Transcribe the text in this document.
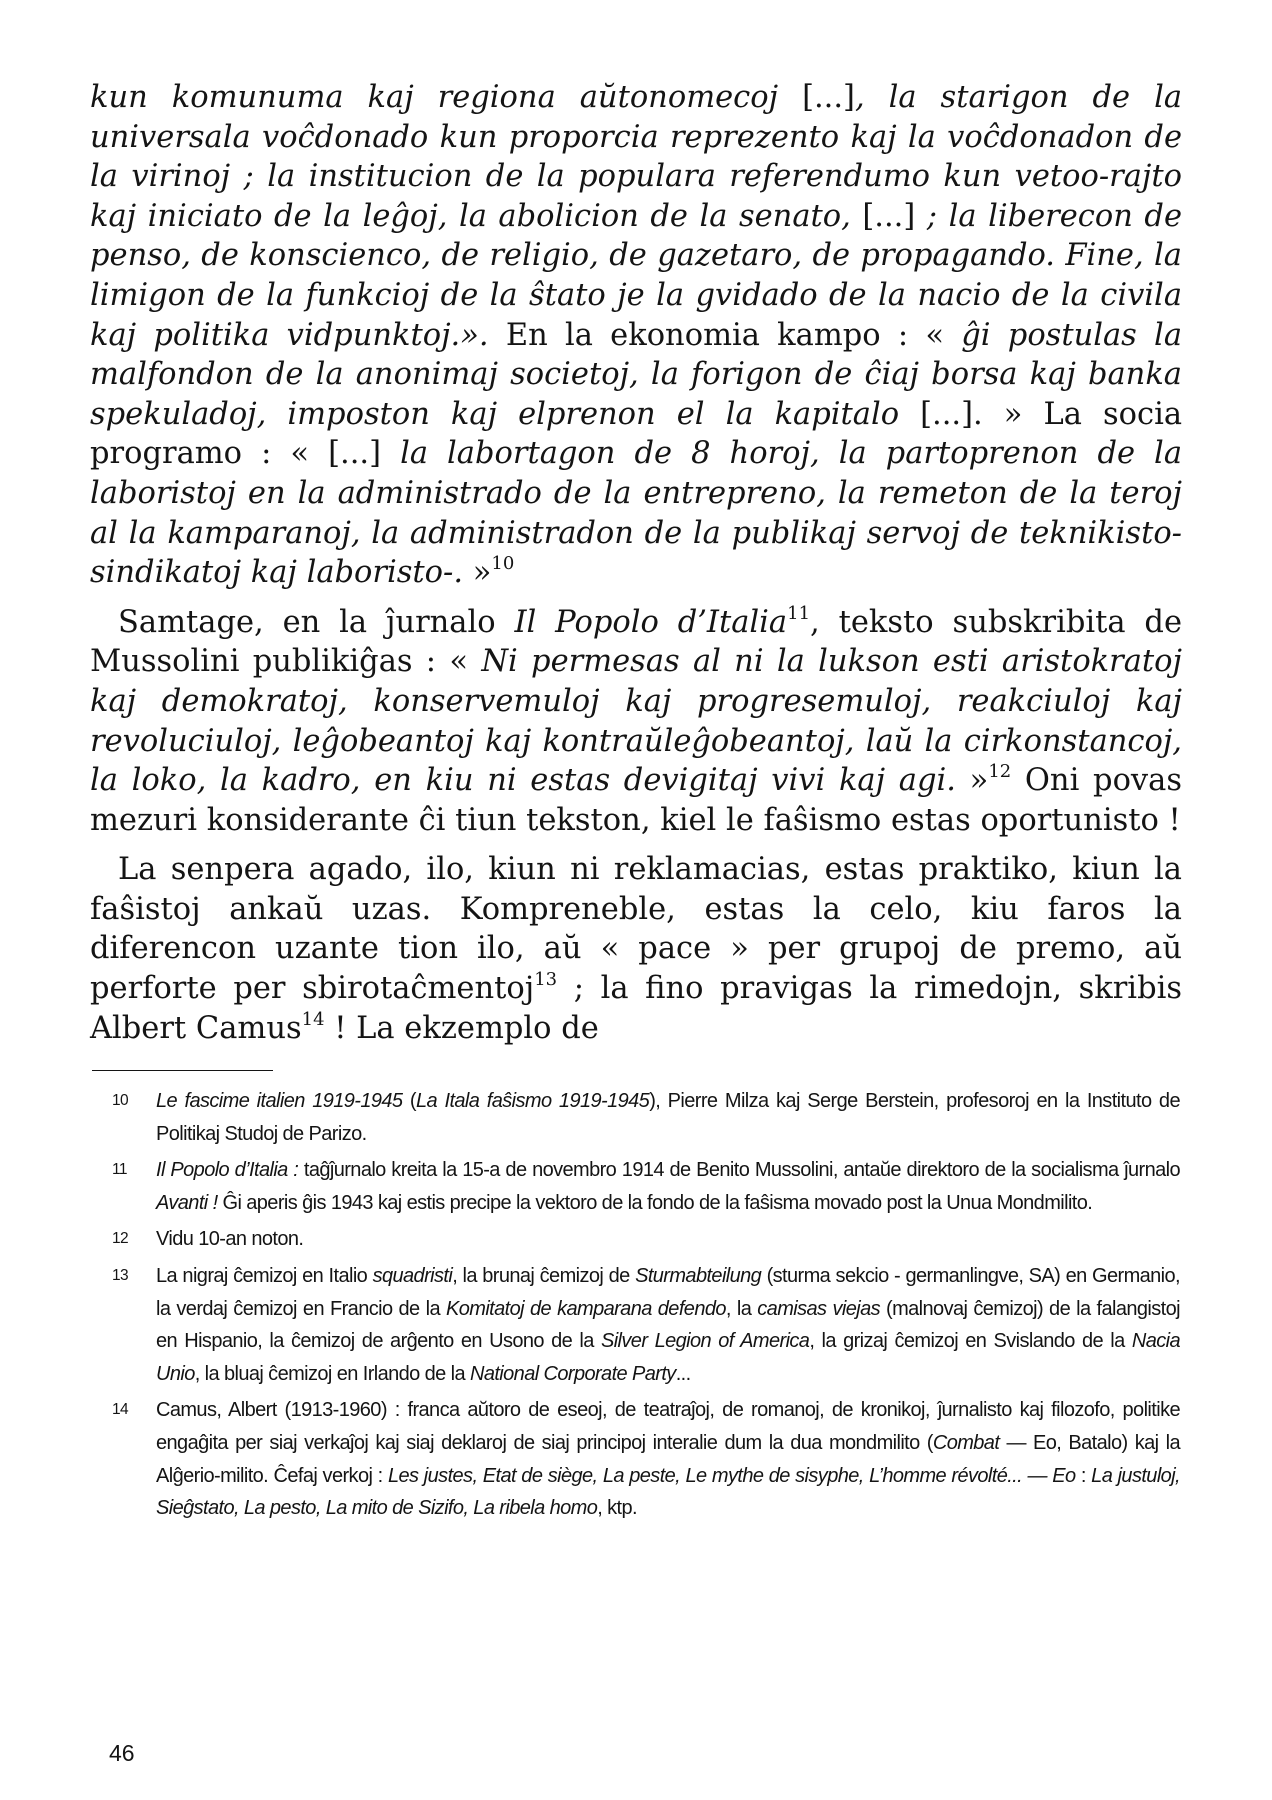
kun komunuma kaj regiona aŭtonomecoj [...], la starigon de la universala voĉdonado kun proporcia reprezento kaj la voĉdonadon de la virinoj ; la institucion de la populara referendumo kun vetoo-rajto kaj iniciato de la leĝoj, la abolicion de la senato, [...] ; la liberecon de penso, de konscienco, de religio, de gazetaro, de propagando. Fine, la limigon de la funkcioj de la ŝtato je la gvidado de la nacio de la civila kaj politika vidpunktoj.». En la ekonomia kampo : « ĝi postulas la malfondon de la anonimaj societoj, la forigon de ĉiaj borsa kaj banka spekuladoj, imposton kaj elprenon el la kapitalo [...]. » La socia programo : « [...] la labortagon de 8 horoj, la partoprenon de la laboristoj en la administrado de la entrepreno, la remeton de la teroj al la kamparanoj, la administradon de la publikaj servoj de teknikisto-sindikatoj kaj laboristo-. »$^{10}$

Samtage, en la ĵurnalo Il Popolo d’Italia$^{11}$, teksto subskribita de Mussolini publikiĝas : « Ni permesas al ni la lukson esti aristokratoj kaj demokratoj, konservemuloj kaj progresemuloj, reakciuloj kaj revoluciuloj, leĝobeantoj kaj kontraŭleĝobeantoj, laŭ la cirkonstancoj, la loko, la kadro, en kiu ni estas devigitaj vivi kaj agi. »$^{12}$ Oni povas mezuri konsiderante ĉi tiun tekston, kiel le faŝismo estas oportunisto !

La senpera agado, ilo, kiun ni reklamacias, estas praktiko, kiun la faŝistoj ankaŭ uzas. Kompreneble, estas la celo, kiu faros la diferencon uzante tion ilo, aŭ « pace » per grupoj de premo, aŭ perforte per sbirotaĉmentoj$^{13}$ ; la fino pravigas la rimedojn, skribis Albert Camus$^{14}$ ! La ekzemplo de

10	Le fascime italien 1919-1945 (La Itala faŝismo 1919-1945), Pierre Milza kaj Serge Berstein, profesoroj en la Instituto de Politikaj Studoj de Parizo.
11	Il Popolo d’Italia : taĝĵurnalo kreita la 15-a de novembro 1914 de Benito Mussolini, antaŭe direktoro de la socialisma ĵurnalo Avanti ! Ĝi aperis ĝis 1943 kaj estis precipe la vektoro de la fondo de la faŝisma movado post la Unua Mondmilito.
12	Vidu 10-an noton.
13	La nigraj ĉemizoj en Italio squadristi, la brunaj ĉemizoj de Sturmabteilung (sturma sekcio - germanlingve, SA) en Germanio, la verdaj ĉemizoj en Francio de la Komitatoj de kamparana defendo, la camisas viejas (malnovaj ĉemizoj) de la falangistoj en Hispanio, la ĉemizoj de arĝento en Usono de la Silver Legion of America, la grizaj ĉemizoj en Svislando de la Nacia Unio, la bluaj ĉemizoj en Irlando de la National Corporate Party...
14	Camus, Albert (1913-1960) : franca aŭtoro de eseoj, de teatraĵoj, de romanoj, de kronikoj, ĵurnalisto kaj filozofo, politike engaĝita per siaj verkaĵoj kaj siaj deklaroj de siaj principoj interalie dum la dua mondmilito (Combat — Eo, Batalo) kaj la Alĝerio-milito. Ĉefaj verkoj : Les justes, Etat de siège, La peste, Le mythe de sisyphe, L’homme révolté... — Eo : La justuloj, Sieĝstato, La pesto, La mito de Sizifo, La ribela homo, ktp.
46
